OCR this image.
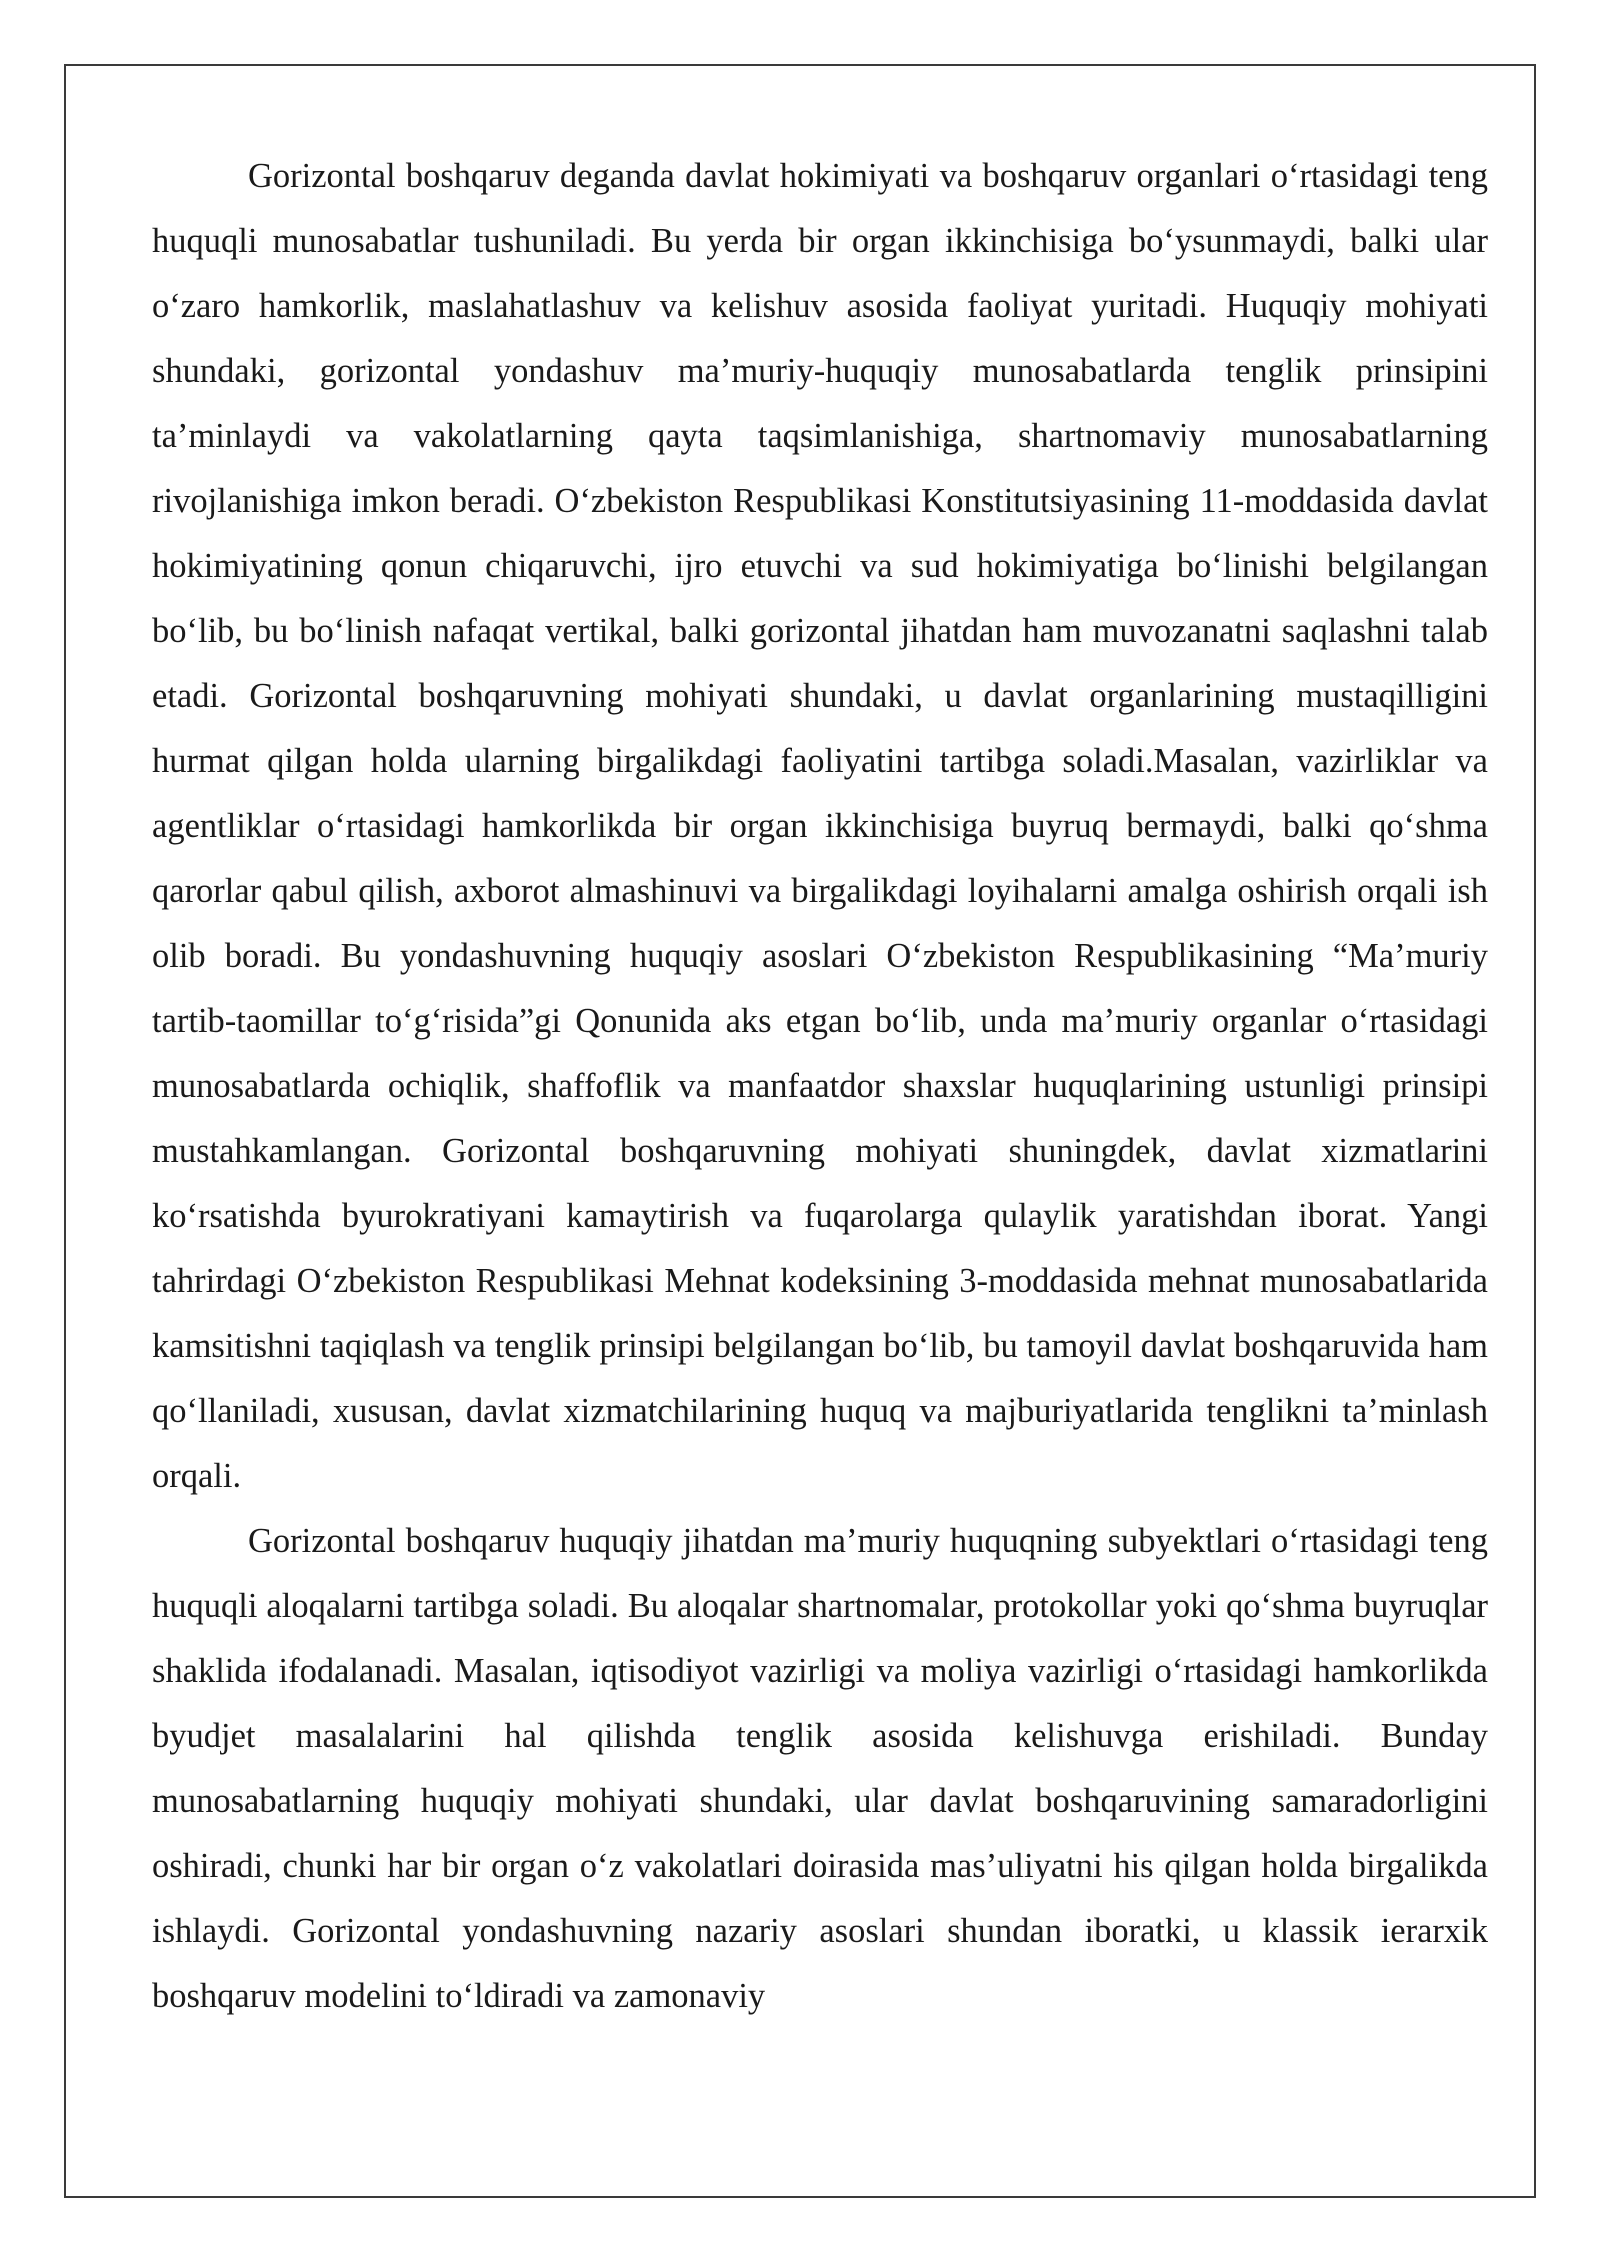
Gorizontal boshqaruv deganda davlat hokimiyati va boshqaruv organlari o‘rtasidagi teng huquqli munosabatlar tushuniladi. Bu yerda bir organ ikkinchisiga bo‘ysunmaydi, balki ular o‘zaro hamkorlik, maslahatlashuv va kelishuv asosida faoliyat yuritadi. Huquqiy mohiyati shundaki, gorizontal yondashuv ma’muriy-huquqiy munosabatlarda tenglik prinsipini ta’minlaydi va vakolatlarning qayta taqsimlanishiga, shartnomaviy munosabatlarning rivojlanishiga imkon beradi. O‘zbekiston Respublikasi Konstitutsiyasining 11-moddasida davlat hokimiyatining qonun chiqaruvchi, ijro etuvchi va sud hokimiyatiga bo‘linishi belgilangan bo‘lib, bu bo‘linish nafaqat vertikal, balki gorizontal jihatdan ham muvozanatni saqlashni talab etadi. Gorizontal boshqaruvning mohiyati shundaki, u davlat organlarining mustaqilligini hurmat qilgan holda ularning birgalikdagi faoliyatini tartibga soladi.Masalan, vazirliklar va agentliklar o‘rtasidagi hamkorlikda bir organ ikkinchisiga buyruq bermaydi, balki qo‘shma qarorlar qabul qilish, axborot almashinuvi va birgalikdagi loyihalarni amalga oshirish orqali ish olib boradi. Bu yondashuvning huquqiy asoslari O‘zbekiston Respublikasining “Ma’muriy tartib-taomillar to‘g‘risida”gi Qonunida aks etgan bo‘lib, unda ma’muriy organlar o‘rtasidagi munosabatlarda ochiqlik, shaffoflik va manfaatdor shaxslar huquqlarining ustunligi prinsipi mustahkamlangan. Gorizontal boshqaruvning mohiyati shuningdek, davlat xizmatlarini ko‘rsatishda byurokratiyani kamaytirish va fuqarolarga qulaylik yaratishdan iborat. Yangi tahrirdagi O‘zbekiston Respublikasi Mehnat kodeksining 3-moddasida mehnat munosabatlarida kamsitishni taqiqlash va tenglik prinsipi belgilangan bo‘lib, bu tamoyil davlat boshqaruvida ham qo‘llaniladi, xususan, davlat xizmatchilarining huquq va majburiyatlarida tenglikni ta’minlash orqali.

Gorizontal boshqaruv huquqiy jihatdan ma’muriy huquqning subyektlari o‘rtasidagi teng huquqli aloqalarni tartibga soladi. Bu aloqalar shartnomalar, protokollar yoki qo‘shma buyruqlar shaklida ifodalanadi. Masalan, iqtisodiyot vazirligi va moliya vazirligi o‘rtasidagi hamkorlikda byudjet masalalarini hal qilishda tenglik asosida kelishuvga erishiladi. Bunday munosabatlarning huquqiy mohiyati shundaki, ular davlat boshqaruvining samaradorligini oshiradi, chunki har bir organ o‘z vakolatlari doirasida mas’uliyatni his qilgan holda birgalikda ishlaydi. Gorizontal yondashuvning nazariy asoslari shundan iboratki, u klassik ierarxik boshqaruv modelini to‘ldiradi va zamonaviy
